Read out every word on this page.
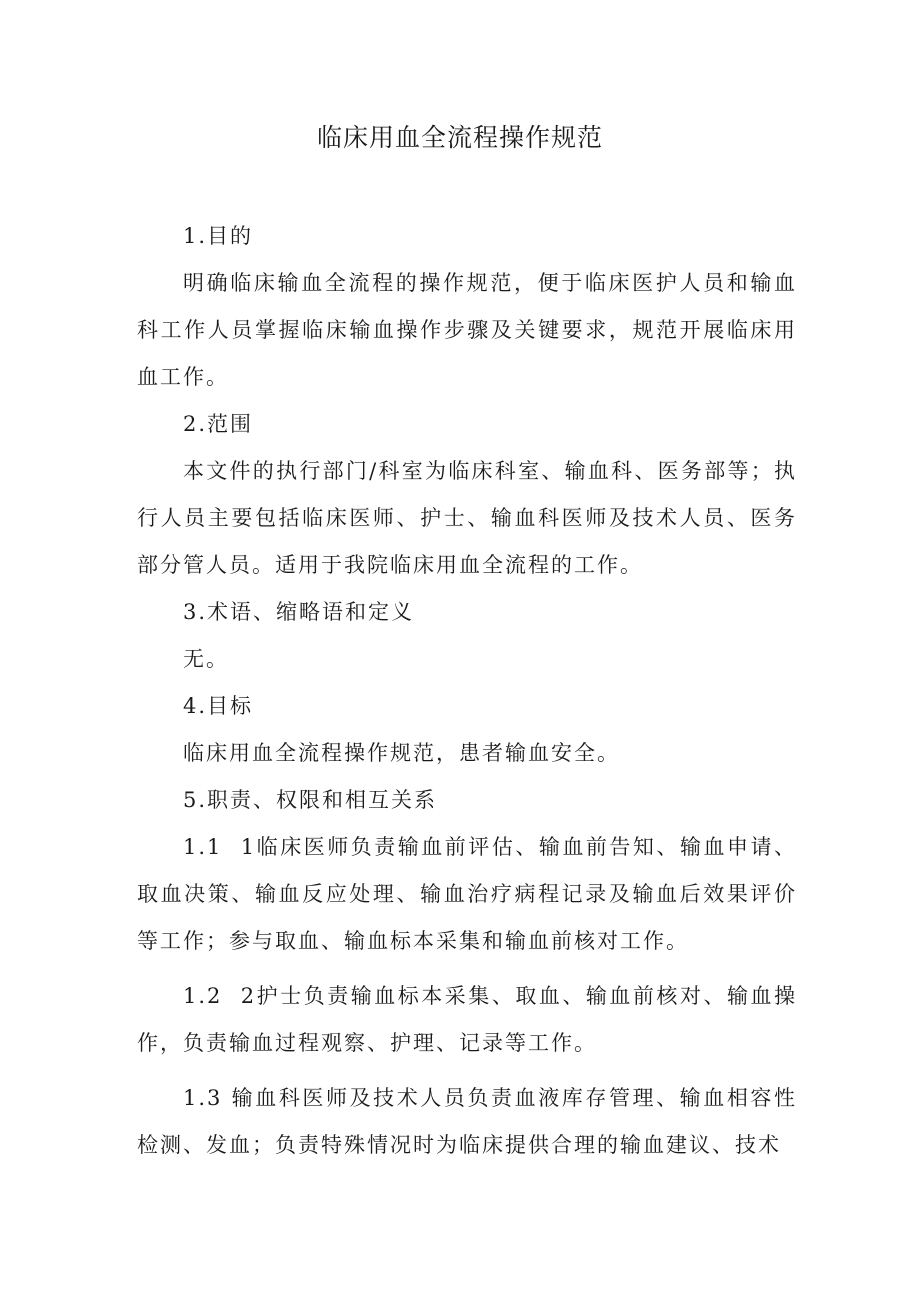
临床用血全流程操作规范

1.目的

明确临床输血全流程的操作规范，便于临床医护人员和输血科工作人员掌握临床输血操作步骤及关键要求，规范开展临床用血工作。

2.范围

本文件的执行部门/科室为临床科室、输血科、医务部等；执行人员主要包括临床医师、护士、输血科医师及技术人员、医务部分管人员。适用于我院临床用血全流程的工作。

3.术语、缩略语和定义

无。

4.目标

临床用血全流程操作规范，患者输血安全。

5.职责、权限和相互关系

1.1 1临床医师负责输血前评估、输血前告知、输血申请、取血决策、输血反应处理、输血治疗病程记录及输血后效果评价等工作；参与取血、输血标本采集和输血前核对工作。

1.2 2护士负责输血标本采集、取血、输血前核对、输血操作，负责输血过程观察、护理、记录等工作。

1.3 输血科医师及技术人员负责血液库存管理、输血相容性检测、发血；负责特殊情况时为临床提供合理的输血建议、技术
